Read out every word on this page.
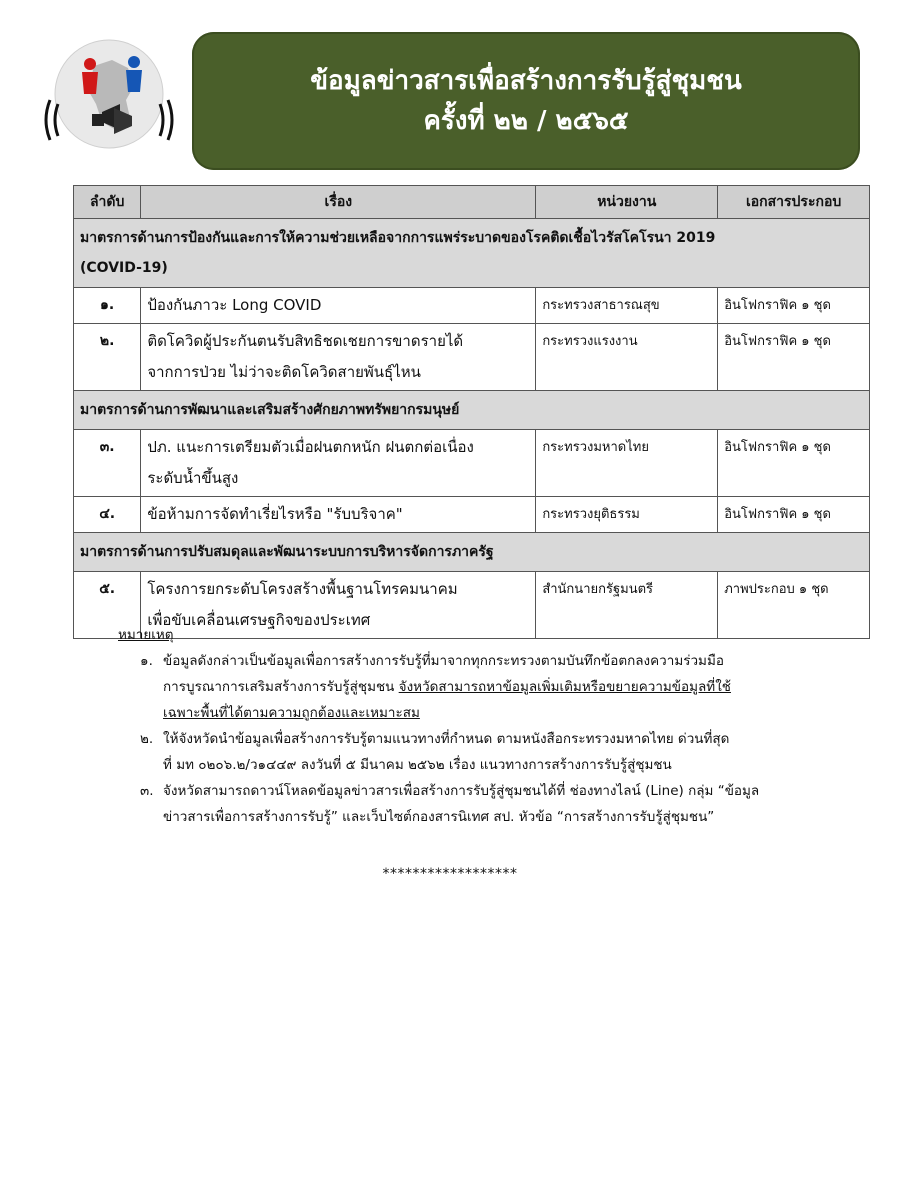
ข้อมูลข่าวสารเพื่อสร้างการรับรู้สู่ชุมชน
ครั้งที่ ๒๒ / ๒๕๖๕
ลำดับ	เรื่อง	หน่วยงาน	เอกสารประกอบ
มาตรการด้านการป้องกันและการให้ความช่วยเหลือจากการแพร่ระบาดของโรคติดเชื้อไวรัสโคโรนา 2019
(COVID-19)			
๑.	ป้องกันภาวะ Long COVID	กระทรวงสาธารณสุข	อินโฟกราฟิค ๑ ชุด
๒.	ติดโควิดผู้ประกันตนรับสิทธิชดเชยการขาดรายได้
จากการป่วย ไม่ว่าจะติดโควิดสายพันธุ์ไหน	กระทรวงแรงงาน	อินโฟกราฟิค ๑ ชุด
มาตรการด้านการพัฒนาและเสริมสร้างศักยภาพทรัพยากรมนุษย์			
๓.	ปภ. แนะการเตรียมตัวเมื่อฝนตกหนัก ฝนตกต่อเนื่อง
ระดับน้ำขึ้นสูง	กระทรวงมหาดไทย	อินโฟกราฟิค ๑ ชุด
๔.	ข้อห้ามการจัดทำเรี่ยไรหรือ "รับบริจาค"	กระทรวงยุติธรรม	อินโฟกราฟิค ๑ ชุด
มาตรการด้านการปรับสมดุลและพัฒนาระบบการบริหารจัดการภาครัฐ			
๕.	โครงการยกระดับโครงสร้างพื้นฐานโทรคมนาคม
เพื่อขับเคลื่อนเศรษฐกิจของประเทศ	สำนักนายกรัฐมนตรี	ภาพประกอบ ๑ ชุด
หมายเหตุ
๑. ข้อมูลดังกล่าวเป็นข้อมูลเพื่อการสร้างการรับรู้ที่มาจากทุกกระทรวงตามบันทึกข้อตกลงความร่วมมือ
การบูรณาการเสริมสร้างการรับรู้สู่ชุมชน จังหวัดสามารถหาข้อมูลเพิ่มเติมหรือขยายความข้อมูลที่ใช้
เฉพาะพื้นที่ได้ตามความถูกต้องและเหมาะสม
๒. ให้จังหวัดนำข้อมูลเพื่อสร้างการรับรู้ตามแนวทางที่กำหนด ตามหนังสือกระทรวงมหาดไทย ด่วนที่สุด
ที่ มท ๐๒๐๖.๒/ว๑๔๔๙ ลงวันที่ ๕ มีนาคม ๒๕๖๒ เรื่อง แนวทางการสร้างการรับรู้สู่ชุมชน
๓. จังหวัดสามารถดาวน์โหลดข้อมูลข่าวสารเพื่อสร้างการรับรู้สู่ชุมชนได้ที่ ช่องทางไลน์ (Line) กลุ่ม “ข้อมูล
ข่าวสารเพื่อการสร้างการรับรู้” และเว็บไซต์กองสารนิเทศ สป. หัวข้อ “การสร้างการรับรู้สู่ชุมชน”
******************
